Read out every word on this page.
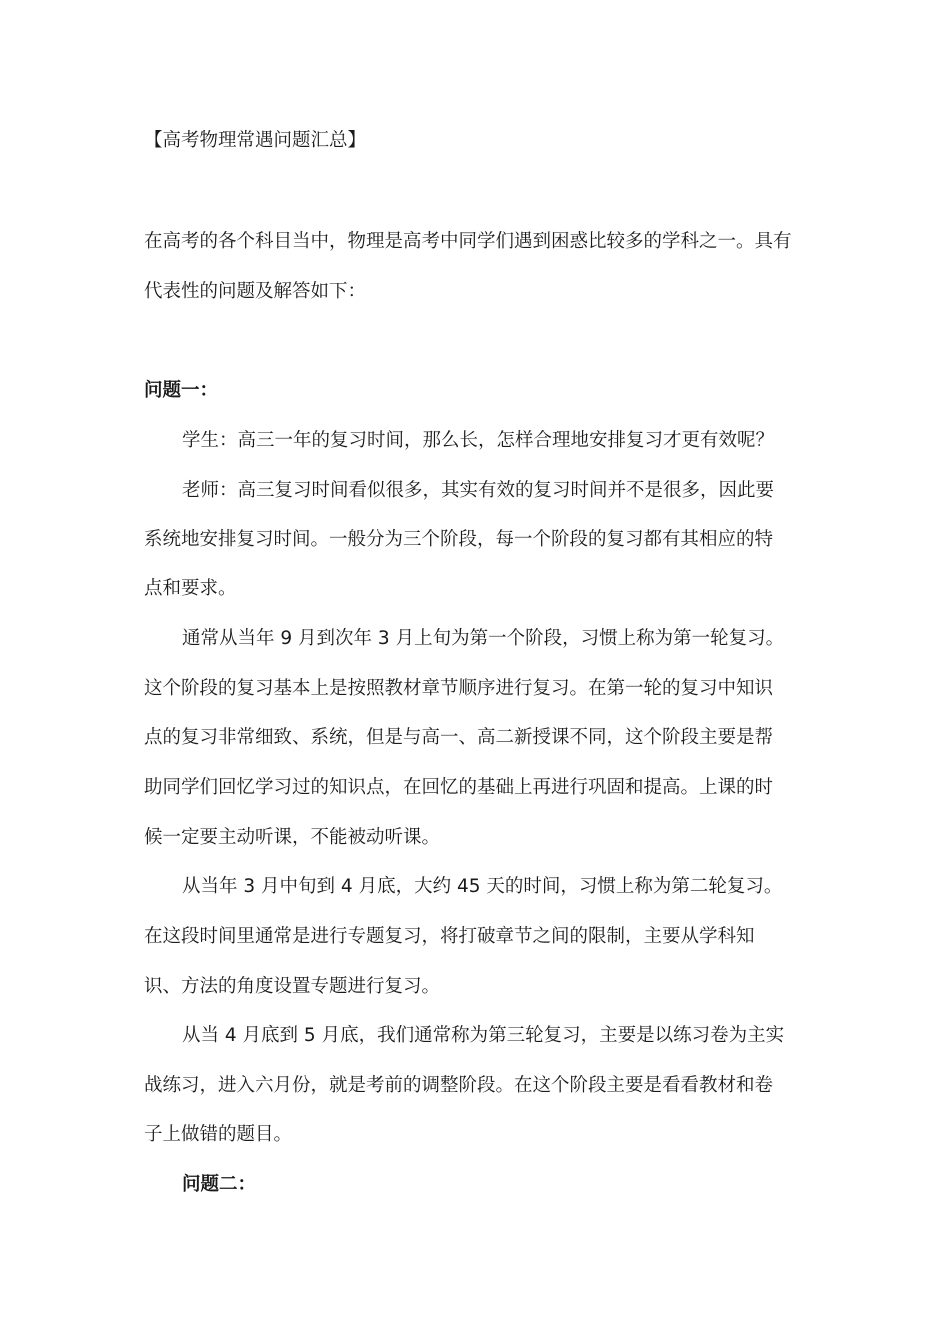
【高考物理常遇问题汇总】
在高考的各个科目当中，物理是高考中同学们遇到困惑比较多的学科之一。具有
代表性的问题及解答如下：
问题一：
学生：高三一年的复习时间，那么长，怎样合理地安排复习才更有效呢？
老师：高三复习时间看似很多，其实有效的复习时间并不是很多，因此要
系统地安排复习时间。一般分为三个阶段，每一个阶段的复习都有其相应的特
点和要求。
通常从当年 9 月到次年 3 月上旬为第一个阶段，习惯上称为第一轮复习。
这个阶段的复习基本上是按照教材章节顺序进行复习。在第一轮的复习中知识
点的复习非常细致、系统，但是与高一、高二新授课不同，这个阶段主要是帮
助同学们回忆学习过的知识点，在回忆的基础上再进行巩固和提高。上课的时
候一定要主动听课，不能被动听课。
从当年 3 月中旬到 4 月底，大约 45 天的时间，习惯上称为第二轮复习。
在这段时间里通常是进行专题复习，将打破章节之间的限制，主要从学科知
识、方法的角度设置专题进行复习。
从当 4 月底到 5 月底，我们通常称为第三轮复习，主要是以练习卷为主实
战练习，进入六月份，就是考前的调整阶段。在这个阶段主要是看看教材和卷
子上做错的题目。
问题二：
